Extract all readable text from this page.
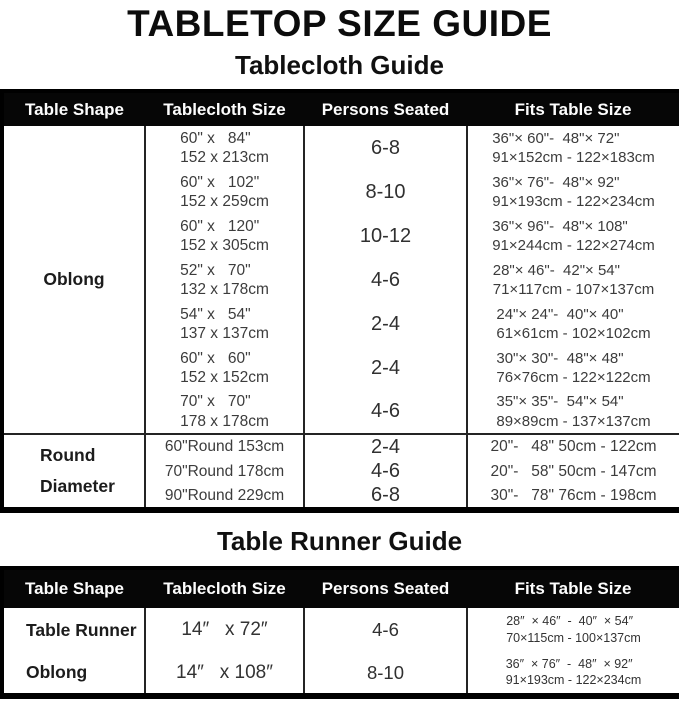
TABLETOP SIZE GUIDE
Tablecloth Guide
Table Shape	Tablecloth Size	Persons Seated	Fits Table Size
Oblong	60" x   84"
152 x 213cm	6-8	36"× 60"-  48"× 72"
91×152cm - 122×183cm

	60" x   102"
152 x 259cm	8-10	36"× 76"-  48"× 92"
91×193cm - 122×234cm

	60" x   120"
152 x 305cm	10-12	36"× 96"-  48"× 108"
91×244cm - 122×274cm

	52" x   70"
132 x 178cm	4-6	28"× 46"-  42"× 54"
71×117cm - 107×137cm

	54" x   54"
137 x 137cm	2-4	24"× 24"-  40"× 40"
61×61cm - 102×102cm

	60" x   60"
152 x 152cm	2-4	30"× 30"-  48"× 48"
76×76cm - 122×122cm

	70" x   70"
178 x 178cm	4-6	35"× 35"-  54"× 54"
89×89cm - 137×137cm

Round
Diameter	60"Round 153cm	2-4	20"-   48" 50cm - 122cm
	70"Round 178cm	4-6	20"-   58" 50cm - 147cm
	90"Round 229cm	6-8	30"-   78" 76cm - 198cm
Table Runner Guide
Table Shape	Tablecloth Size	Persons Seated	Fits Table Size
Table Runner	14″   x 72″	4-6	28″  × 46″  -  40″  × 54″
70×115cm - 100×137cm

Oblong	14″   x 108″	8-10	36″  × 76″  -  48″  × 92″
91×193cm - 122×234cm
